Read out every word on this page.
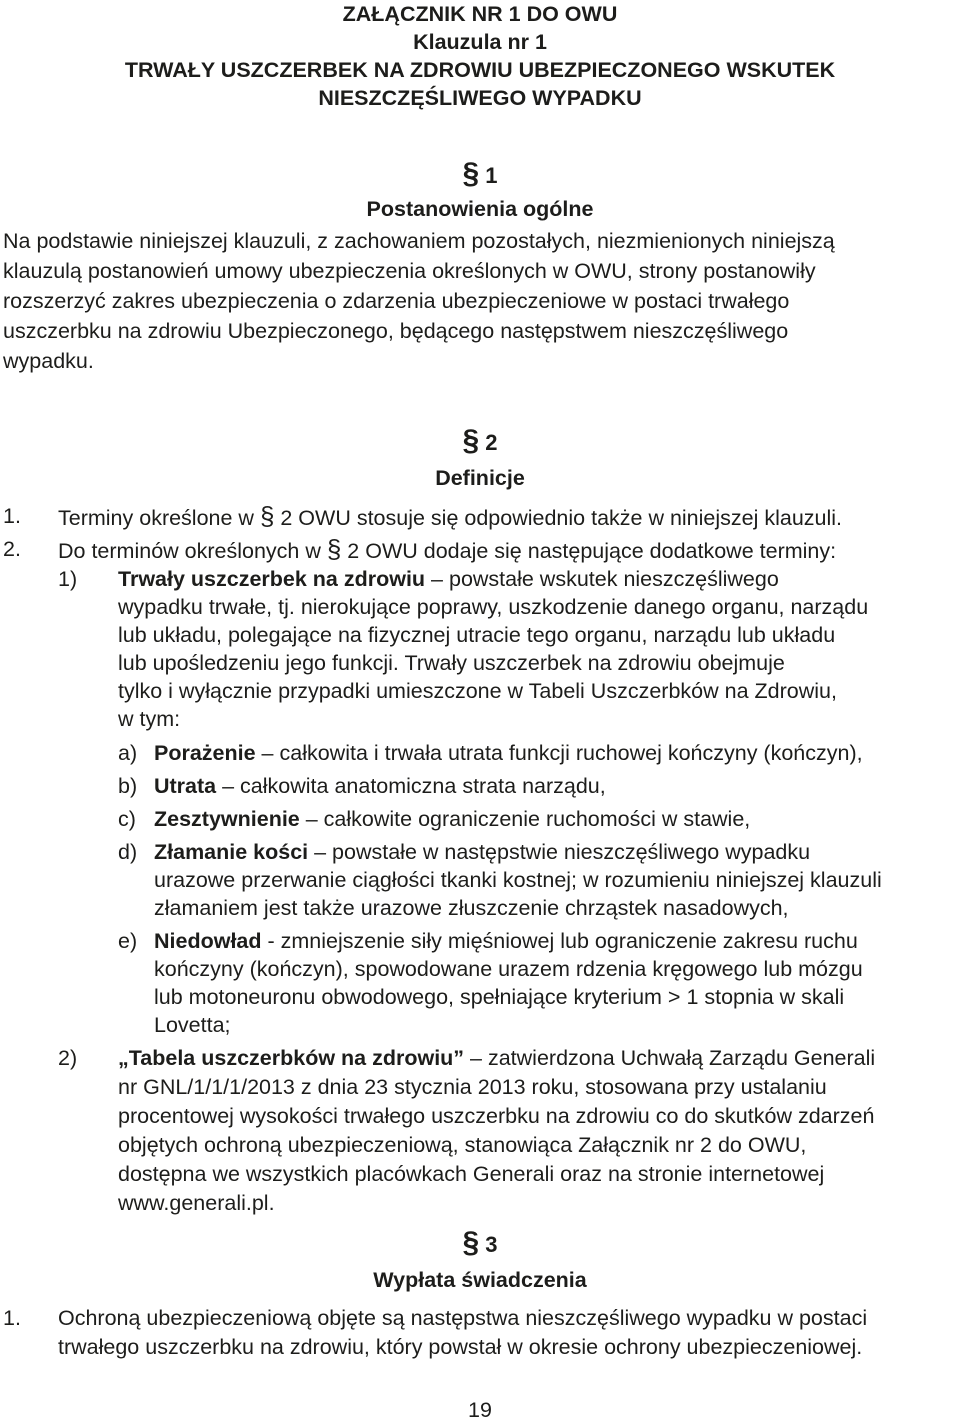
ZAŁĄCZNIK NR 1 DO OWU
Klauzula nr 1
TRWAŁY USZCZERBEK NA ZDROWIU UBEZPIECZONEGO WSKUTEK
NIESZCZĘŚLIWEGO WYPADKU
§ 1
Postanowienia ogólne
Na podstawie niniejszej klauzuli, z zachowaniem pozostałych, niezmienionych niniejszą
klauzulą postanowień umowy ubezpieczenia określonych w OWU, strony postanowiły
rozszerzyć zakres ubezpieczenia o zdarzenia ubezpieczeniowe w postaci trwałego
uszczerbku na zdrowiu Ubezpieczonego, będącego następstwem nieszczęśliwego
wypadku.
§ 2
Definicje
1. Terminy określone w § 2 OWU stosuje się odpowiednio także w niniejszej klauzuli.
2. Do terminów określonych w § 2 OWU dodaje się następujące dodatkowe terminy:
1) Trwały uszczerbek na zdrowiu – powstałe wskutek nieszczęśliwego
wypadku trwałe, tj. nierokujące poprawy, uszkodzenie danego organu, narządu
lub układu, polegające na fizycznej utracie tego organu, narządu lub układu
lub upośledzeniu jego funkcji. Trwały uszczerbek na zdrowiu obejmuje
tylko i wyłącznie przypadki umieszczone w Tabeli Uszczerbków na Zdrowiu,
w tym:
a) Porażenie – całkowita i trwała utrata funkcji ruchowej kończyny (kończyn),
b) Utrata – całkowita anatomiczna strata narządu,
c) Zesztywnienie – całkowite ograniczenie ruchomości w stawie,
d) Złamanie kości – powstałe w następstwie nieszczęśliwego wypadku
urazowe przerwanie ciągłości tkanki kostnej; w rozumieniu niniejszej klauzuli
złamaniem jest także urazowe złuszczenie chrząstek nasadowych,
e) Niedowład - zmniejszenie siły mięśniowej lub ograniczenie zakresu ruchu
kończyny (kończyn), spowodowane urazem rdzenia kręgowego lub mózgu
lub motoneuronu obwodowego, spełniające kryterium > 1 stopnia w skali
Lovetta;
2) „Tabela uszczerbków na zdrowiu” – zatwierdzona Uchwałą Zarządu Generali
nr GNL/1/1/1/2013 z dnia 23 stycznia 2013 roku, stosowana przy ustalaniu
procentowej wysokości trwałego uszczerbku na zdrowiu co do skutków zdarzeń
objętych ochroną ubezpieczeniową, stanowiąca Załącznik nr 2 do OWU,
dostępna we wszystkich placówkach Generali oraz na stronie internetowej
www.generali.pl.
§ 3
Wypłata świadczenia
1. Ochroną ubezpieczeniową objęte są następstwa nieszczęśliwego wypadku w postaci
trwałego uszczerbku na zdrowiu, który powstał w okresie ochrony ubezpieczeniowej.
19
